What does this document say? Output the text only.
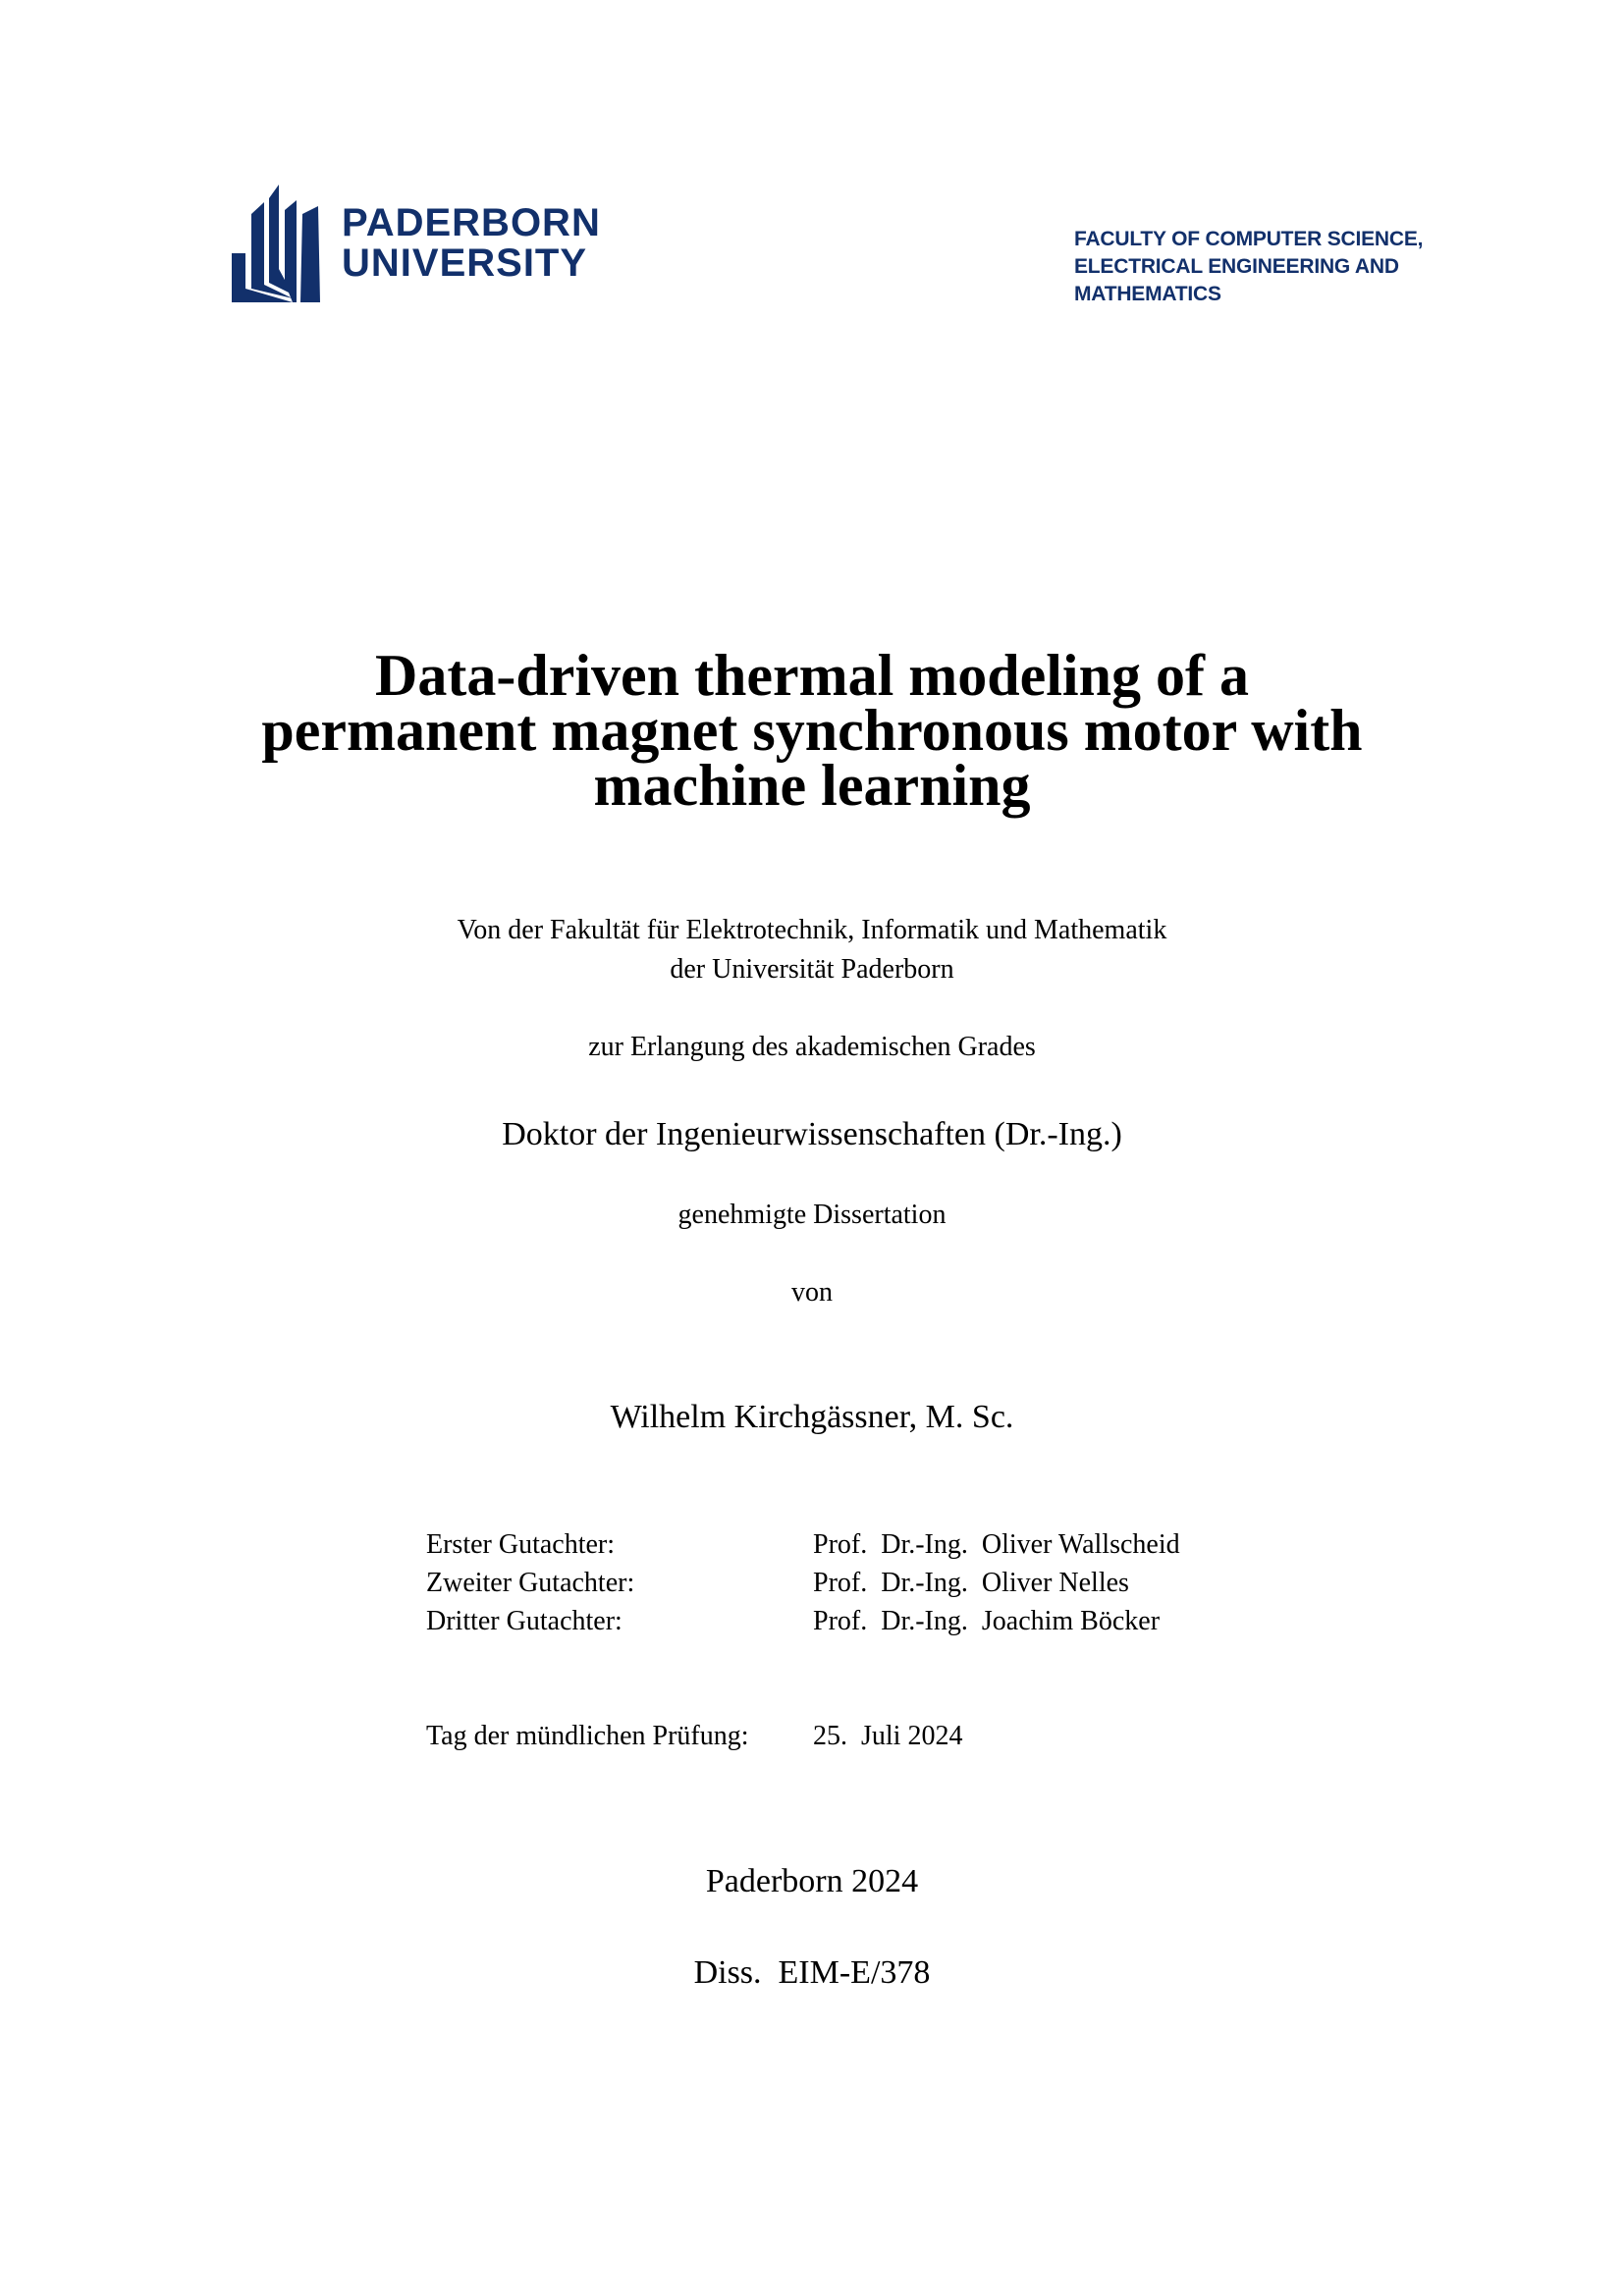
PADERBORN
UNIVERSITY
FACULTY OF COMPUTER SCIENCE,
ELECTRICAL ENGINEERING AND
MATHEMATICS
Data-driven thermal modeling of a
permanent magnet synchronous motor with
machine learning
Von der Fakultät für Elektrotechnik, Informatik und Mathematik
der Universität Paderborn
zur Erlangung des akademischen Grades
Doktor der Ingenieurwissenschaften (Dr.-Ing.)
genehmigte Dissertation
von
Wilhelm Kirchgässner, M. Sc.
Erster Gutachter:	Prof.  Dr.-Ing.  Oliver Wallscheid
Zweiter Gutachter:	Prof.  Dr.-Ing.  Oliver Nelles
Dritter Gutachter:	Prof.  Dr.-Ing.  Joachim Böcker
Tag der mündlichen Prüfung:	25.  Juli 2024
Paderborn 2024
Diss.  EIM-E/378
